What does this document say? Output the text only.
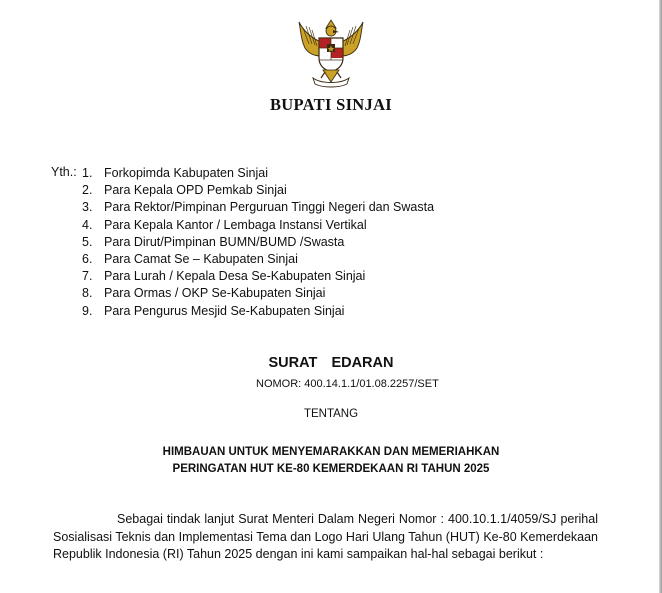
BUPATI SINJAI
Yth.: 1. Forkopimda Kabupaten Sinjai
2. Para Kepala OPD Pemkab Sinjai
3. Para Rektor/Pimpinan Perguruan Tinggi Negeri dan Swasta
4. Para Kepala Kantor / Lembaga Instansi Vertikal
5. Para Dirut/Pimpinan BUMN/BUMD /Swasta
6. Para Camat Se – Kabupaten Sinjai
7. Para Lurah / Kepala Desa Se-Kabupaten Sinjai
8. Para Ormas / OKP Se-Kabupaten Sinjai
9. Para Pengurus Mesjid Se-Kabupaten Sinjai
SURAT  EDARAN
NOMOR: 400.14.1.1/01.08.2257/SET
TENTANG
HIMBAUAN UNTUK MENYEMARAKKAN DAN MEMERIAHKAN
PERINGATAN HUT KE-80 KEMERDEKAAN RI TAHUN 2025

Sebagai tindak lanjut Surat Menteri Dalam Negeri Nomor : 400.10.1.1/4059/SJ perihal Sosialisasi Teknis dan Implementasi Tema dan Logo Hari Ulang Tahun (HUT) Ke-80 Kemerdekaan Republik Indonesia (RI) Tahun 2025 dengan ini kami sampaikan hal-hal sebagai berikut :
